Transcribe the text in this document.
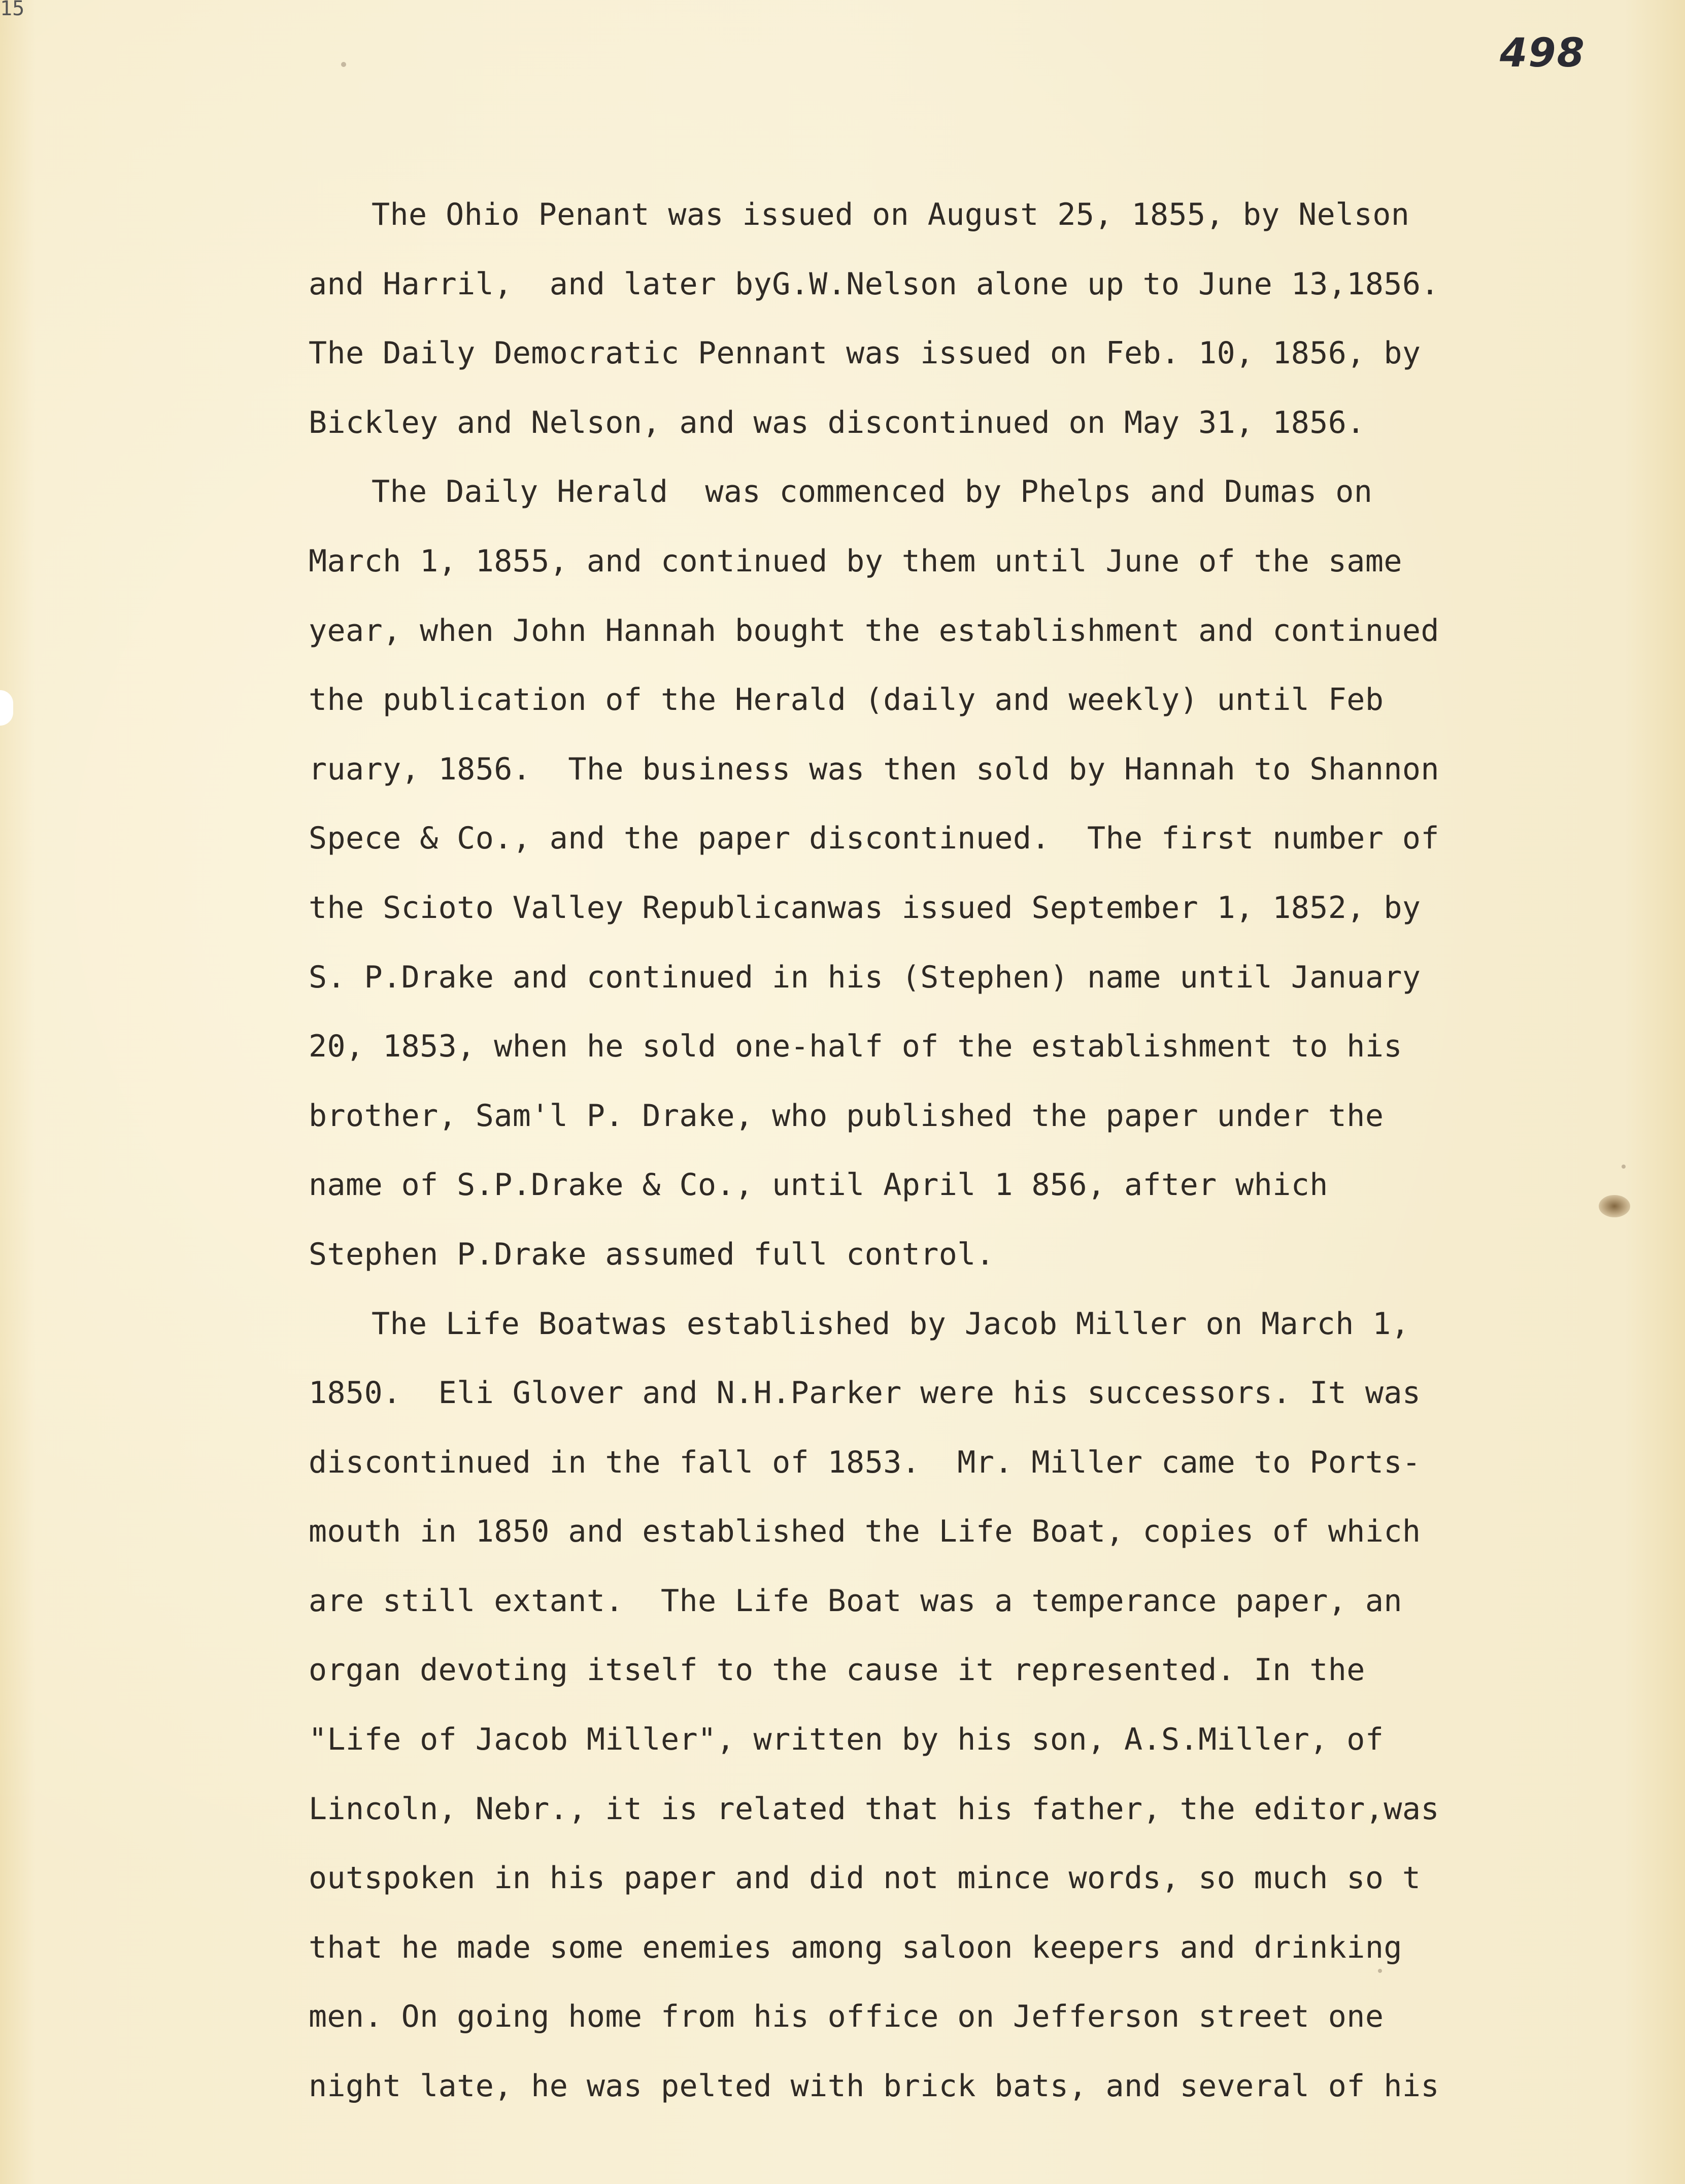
15
498
The Ohio Penant was issued on August 25, 1855, by Nelson
and Harril,  and later byG.W.Nelson alone up to June 13,1856.
The Daily Democratic Pennant was issued on Feb. 10, 1856, by
Bickley and Nelson, and was discontinued on May 31, 1856.
The Daily Herald  was commenced by Phelps and Dumas on
March 1, 1855, and continued by them until June of the same
year, when John Hannah bought the establishment and continued
the publication of the Herald (daily and weekly) until Feb
ruary, 1856.  The business was then sold by Hannah to Shannon
Spece & Co., and the paper discontinued.  The first number of
the Scioto Valley Republicanwas issued September 1, 1852, by
S. P.Drake and continued in his (Stephen) name until January
20, 1853, when he sold one-half of the establishment to his
brother, Sam'l P. Drake, who published the paper under the
name of S.P.Drake & Co., until April 1 856, after which
Stephen P.Drake assumed full control.
The Life Boatwas established by Jacob Miller on March 1,
1850.  Eli Glover and N.H.Parker were his successors. It was
discontinued in the fall of 1853.  Mr. Miller came to Ports-
mouth in 1850 and established the Life Boat, copies of which
are still extant.  The Life Boat was a temperance paper, an
organ devoting itself to the cause it represented. In the
"Life of Jacob Miller", written by his son, A.S.Miller, of
Lincoln, Nebr., it is related that his father, the editor,was
outspoken in his paper and did not mince words, so much so t
that he made some enemies among saloon keepers and drinking
men. On going home from his office on Jefferson street one
night late, he was pelted with brick bats, and several of his
